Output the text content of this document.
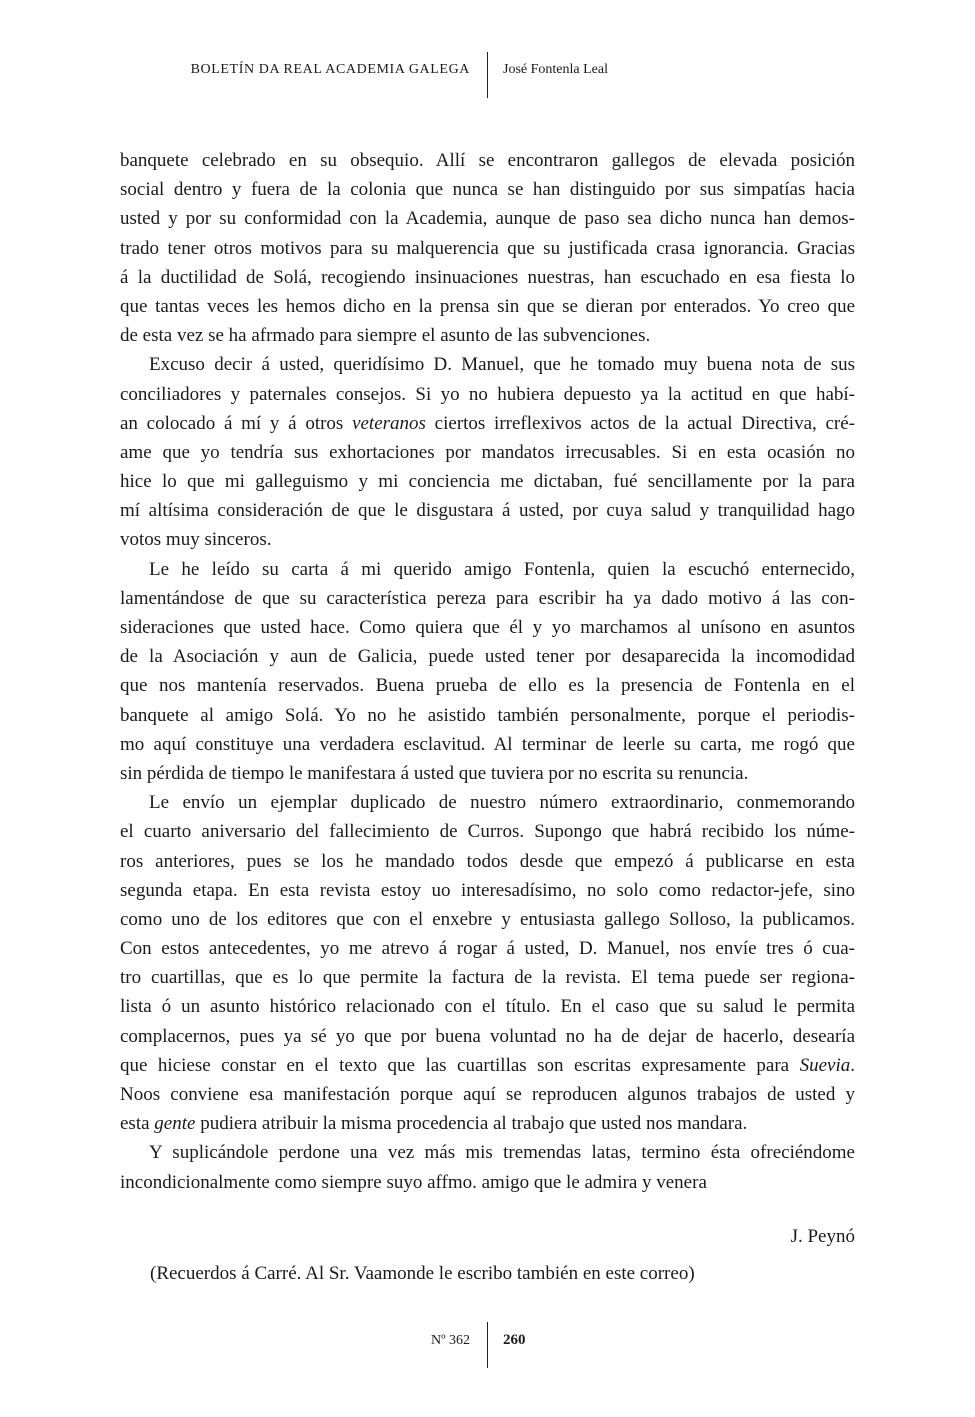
BOLETÍN DA REAL ACADEMIA GALEGA José Fontenla Leal
banquete celebrado en su obsequio. Allí se encontraron gallegos de elevada posición
social dentro y fuera de la colonia que nunca se han distinguido por sus simpatías hacia
usted y por su conformidad con la Academia, aunque de paso sea dicho nunca han demos-
trado tener otros motivos para su malquerencia que su justificada crasa ignorancia. Gracias
á la ductilidad de Solá, recogiendo insinuaciones nuestras, han escuchado en esa fiesta lo
que tantas veces les hemos dicho en la prensa sin que se dieran por enterados. Yo creo que
de esta vez se ha afrmado para siempre el asunto de las subvenciones.
Excuso decir á usted, queridísimo D. Manuel, que he tomado muy buena nota de sus
conciliadores y paternales consejos. Si yo no hubiera depuesto ya la actitud en que habí-
an colocado á mí y á otros veteranos ciertos irreflexivos actos de la actual Directiva, cré-
ame que yo tendría sus exhortaciones por mandatos irrecusables. Si en esta ocasión no
hice lo que mi galleguismo y mi conciencia me dictaban, fué sencillamente por la para
mí altísima consideración de que le disgustara á usted, por cuya salud y tranquilidad hago
votos muy sinceros.
Le he leído su carta á mi querido amigo Fontenla, quien la escuchó enternecido,
lamentándose de que su característica pereza para escribir ha ya dado motivo á las con-
sideraciones que usted hace. Como quiera que él y yo marchamos al unísono en asuntos
de la Asociación y aun de Galicia, puede usted tener por desaparecida la incomodidad
que nos mantenía reservados. Buena prueba de ello es la presencia de Fontenla en el
banquete al amigo Solá. Yo no he asistido también personalmente, porque el periodis-
mo aquí constituye una verdadera esclavitud. Al terminar de leerle su carta, me rogó que
sin pérdida de tiempo le manifestara á usted que tuviera por no escrita su renuncia.
Le envío un ejemplar duplicado de nuestro número extraordinario, conmemorando
el cuarto aniversario del fallecimiento de Curros. Supongo que habrá recibido los núme-
ros anteriores, pues se los he mandado todos desde que empezó á publicarse en esta
segunda etapa. En esta revista estoy uo interesadísimo, no solo como redactor-jefe, sino
como uno de los editores que con el enxebre y entusiasta gallego Solloso, la publicamos.
Con estos antecedentes, yo me atrevo á rogar á usted, D. Manuel, nos envíe tres ó cua-
tro cuartillas, que es lo que permite la factura de la revista. El tema puede ser regiona-
lista ó un asunto histórico relacionado con el título. En el caso que su salud le permita
complacernos, pues ya sé yo que por buena voluntad no ha de dejar de hacerlo, desearía
que hiciese constar en el texto que las cuartillas son escritas expresamente para Suevia.
Noos conviene esa manifestación porque aquí se reproducen algunos trabajos de usted y
esta gente pudiera atribuir la misma procedencia al trabajo que usted nos mandara.
Y suplicándole perdone una vez más mis tremendas latas, termino ésta ofreciéndome
incondicionalmente como siempre suyo affmo. amigo que le admira y venera
J. Peynó
(Recuerdos á Carré. Al Sr. Vaamonde le escribo también en este correo)
Nº 362 260
